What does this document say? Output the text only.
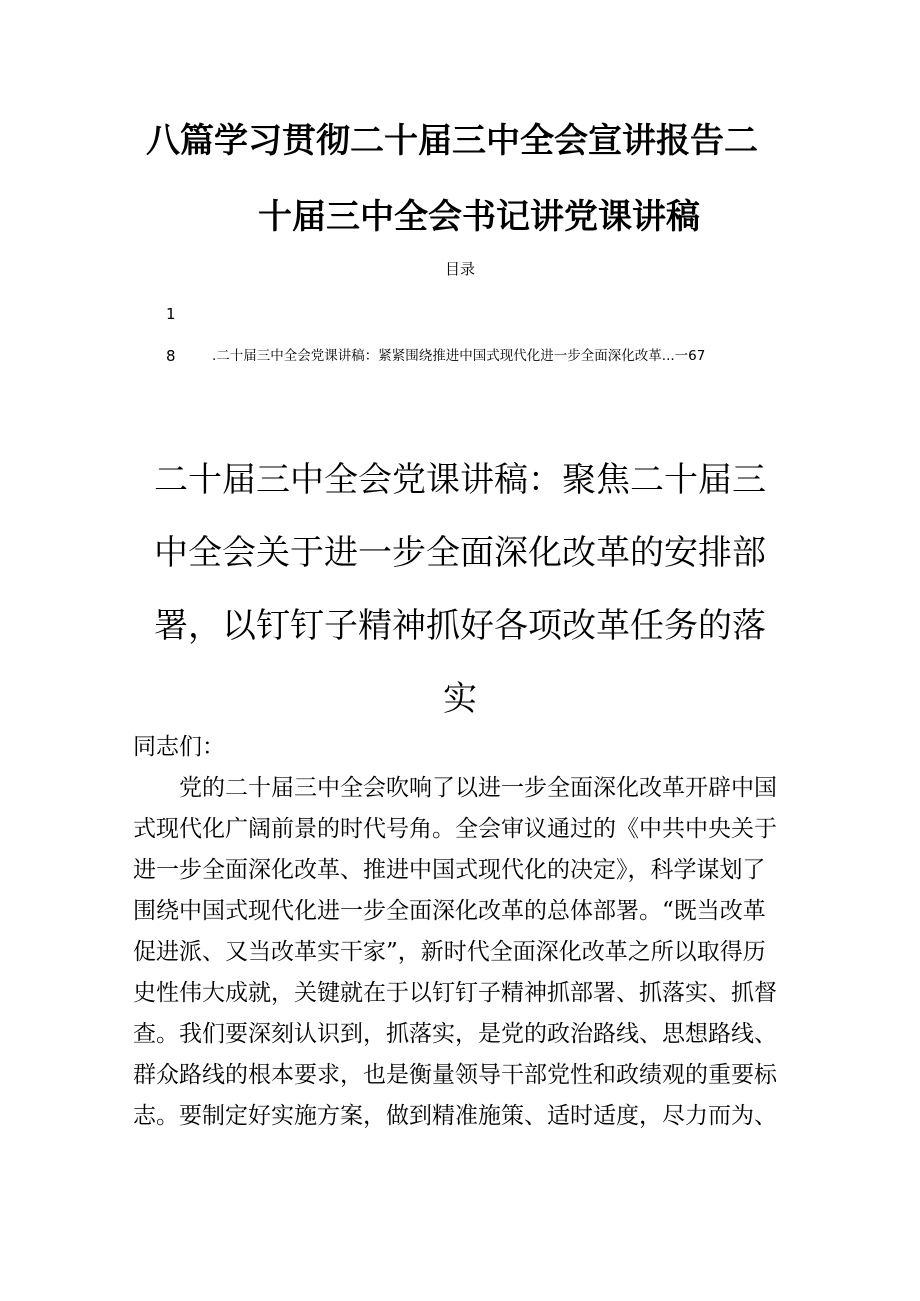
八篇学习贯彻二十届三中全会宣讲报告二
十届三中全会书记讲党课讲稿
目录
1
8	.二十届三中全会党课讲稿：紧紧围绕推进中国式现代化进一步全面深化改革...一67
二十届三中全会党课讲稿：聚焦二十届三
中全会关于进一步全面深化改革的安排部
署，以钉钉子精神抓好各项改革任务的落
实

同志们：

党的二十届三中全会吹响了以进一步全面深化改革开辟中国

式现代化广阔前景的时代号角。全会审议通过的《中共中央关于

进一步全面深化改革、推进中国式现代化的决定》，科学谋划了

围绕中国式现代化进一步全面深化改革的总体部署。“既当改革

促进派、又当改革实干家”，新时代全面深化改革之所以取得历

史性伟大成就，关键就在于以钉钉子精神抓部署、抓落实、抓督

查。我们要深刻认识到，抓落实，是党的政治路线、思想路线、

群众路线的根本要求，也是衡量领导干部党性和政绩观的重要标

志。要制定好实施方案，做到精准施策、适时适度，尽力而为、
